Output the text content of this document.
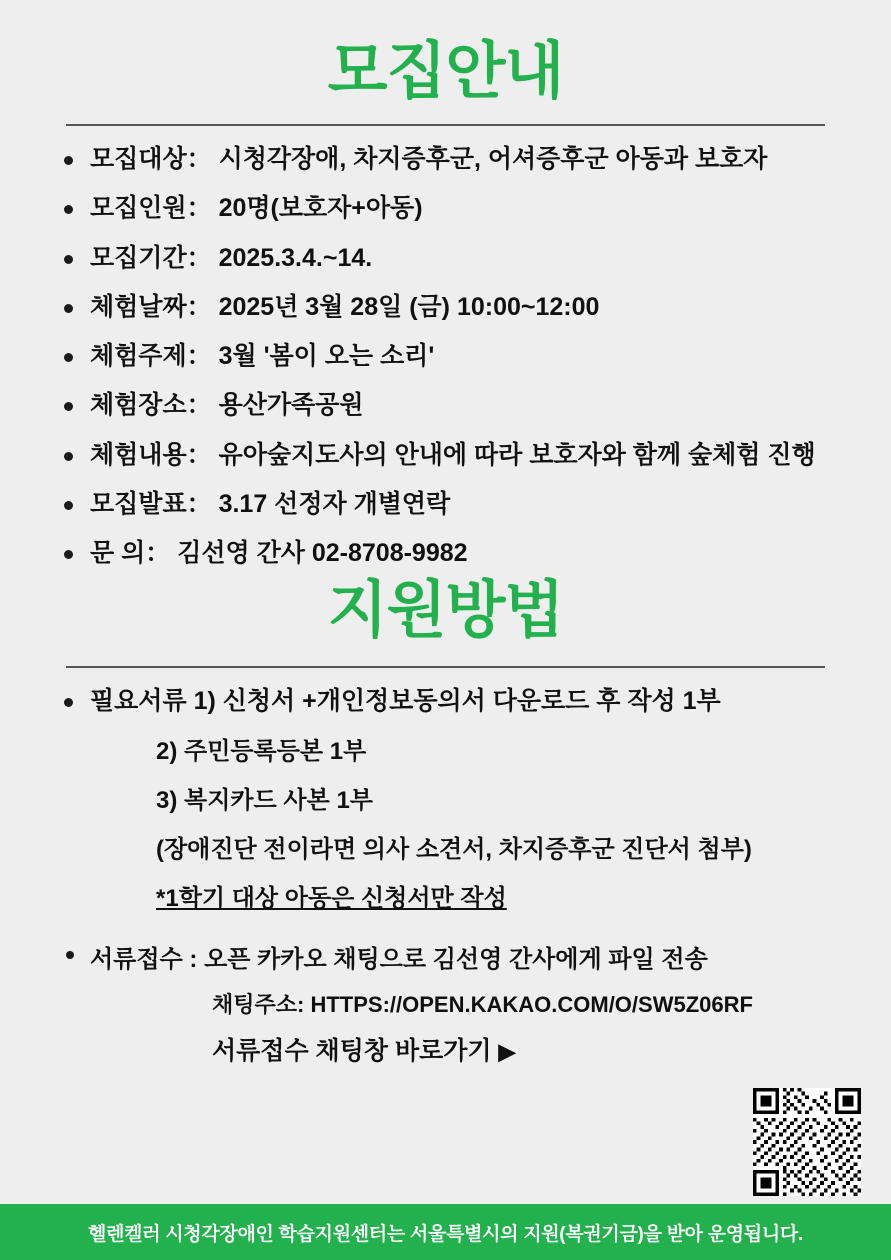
모집안내
모집대상： 시청각장애, 차지증후군, 어셔증후군 아동과 보호자
모집인원： 20명(보호자+아동)
모집기간： 2025.3.4.~14.
체험날짜： 2025년 3월 28일 (금) 10:00~12:00
체험주제： 3월 '봄이 오는 소리'
체험장소： 용산가족공원
체험내용： 유아숲지도사의 안내에 따라 보호자와 함께 숲체험 진행
모집발표： 3.17 선정자 개별연락
문 의： 김선영 간사 02-8708-9982
지원방법
필요서류 1) 신청서 +개인정보동의서 다운로드 후 작성 1부
2) 주민등록등본 1부
3) 복지카드 사본 1부
(장애진단 전이라면 의사 소견서, 차지증후군 진단서 첨부)
*1학기 대상 아동은 신청서만 작성
서류접수 : 오픈 카카오 채팅으로 김선영 간사에게 파일 전송
채팅주소: HTTPS://OPEN.KAKAO.COM/O/SW5Z06RF
서류접수 채팅창 바로가기 ▶
헬렌켈러 시청각장애인 학습지원센터는 서울특별시의 지원(복권기금)을 받아 운영됩니다.
